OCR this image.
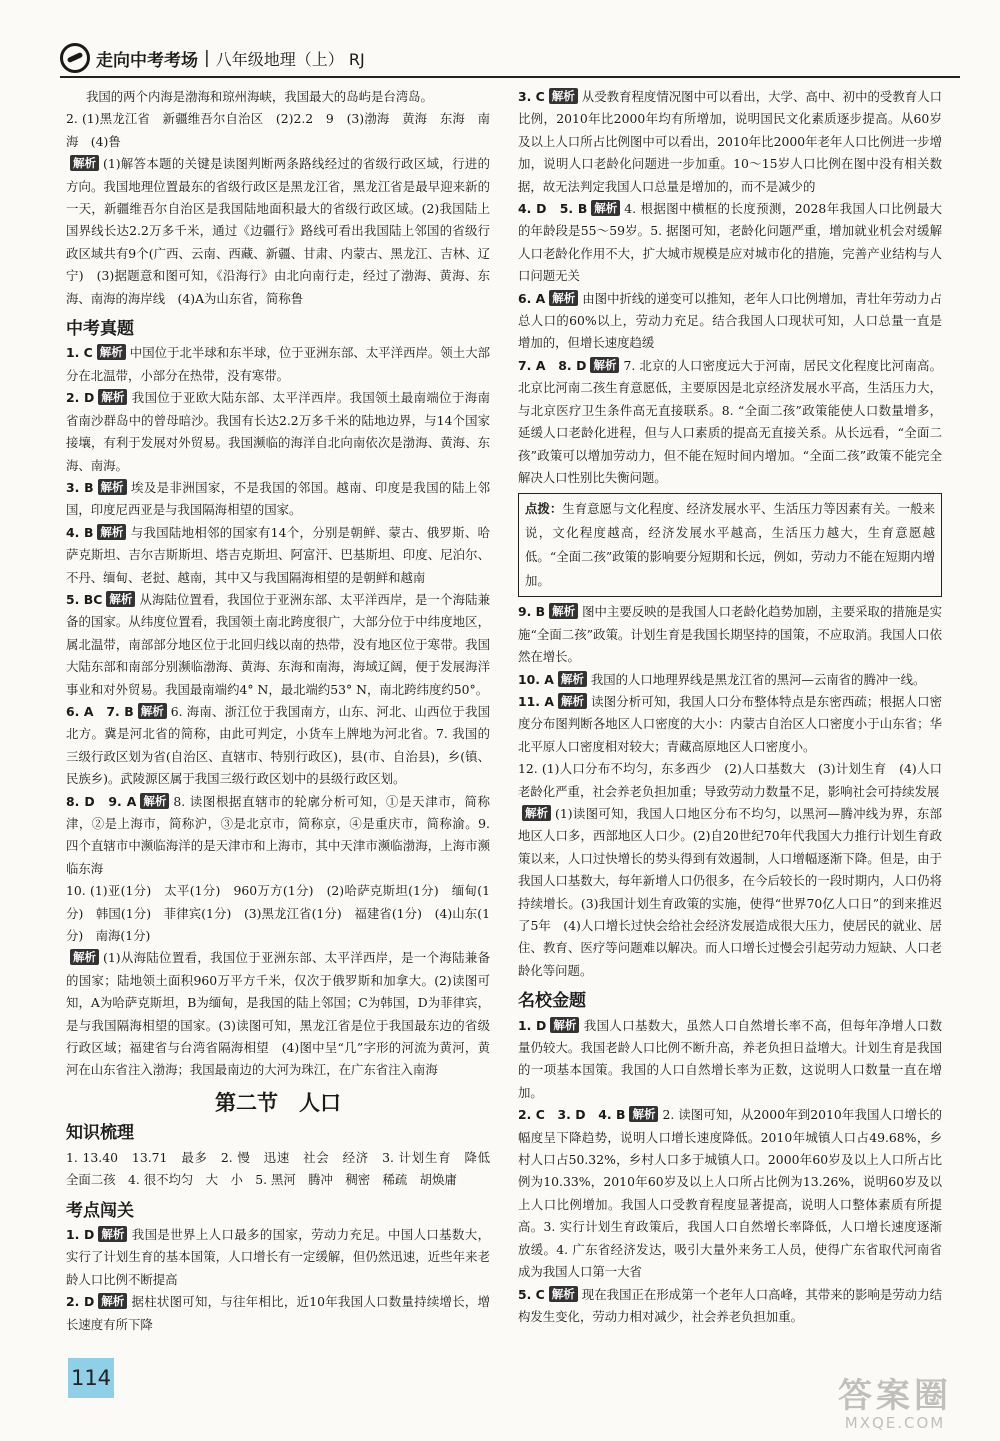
走向中考考场 | 八年级地理（上） RJ

我国的两个内海是渤海和琼州海峡，我国最大的岛屿是台湾岛。

2. (1)黑龙江省　新疆维吾尔自治区　(2)2.2　9　(3)渤海　黄海　东海　南海　(4)鲁

解析 (1)解答本题的关键是读图判断两条路线经过的省级行政区域，行进的方向。我国地理位置最东的省级行政区是黑龙江省，黑龙江省是最早迎来新的一天，新疆维吾尔自治区是我国陆地面积最大的省级行政区域。(2)我国陆上国界线长达2.2万多千米，通过《边疆行》路线可看出我国陆上邻国的省级行政区域共有9个(广西、云南、西藏、新疆、甘肃、内蒙古、黑龙江、吉林、辽宁)　(3)据题意和图可知，《沿海行》由北向南行走，经过了渤海、黄海、东海、南海的海岸线　(4)A为山东省，简称鲁

中考真题

1. C 解析 中国位于北半球和东半球，位于亚洲东部、太平洋西岸。领土大部分在北温带，小部分在热带，没有寒带。

2. D 解析 我国位于亚欧大陆东部、太平洋西岸。我国领土最南端位于海南省南沙群岛中的曾母暗沙。我国有长达2.2万多千米的陆地边界，与14个国家接壤，有利于发展对外贸易。我国濒临的海洋自北向南依次是渤海、黄海、东海、南海。

3. B 解析 埃及是非洲国家，不是我国的邻国。越南、印度是我国的陆上邻国，印度尼西亚是与我国隔海相望的国家。

4. B 解析 与我国陆地相邻的国家有14个，分别是朝鲜、蒙古、俄罗斯、哈萨克斯坦、吉尔吉斯斯坦、塔吉克斯坦、阿富汗、巴基斯坦、印度、尼泊尔、不丹、缅甸、老挝、越南，其中又与我国隔海相望的是朝鲜和越南

5. BC 解析 从海陆位置看，我国位于亚洲东部、太平洋西岸，是一个海陆兼备的国家。从纬度位置看，我国领土南北跨度很广，大部分位于中纬度地区，属北温带，南部部分地区位于北回归线以南的热带，没有地区位于寒带。我国大陆东部和南部分别濒临渤海、黄海、东海和南海，海域辽阔，便于发展海洋事业和对外贸易。我国最南端约4° N，最北端约53° N，南北跨纬度约50°。

6. A　7. B 解析 6. 海南、浙江位于我国南方，山东、河北、山西位于我国北方。冀是河北省的简称，由此可判定，小货车上牌地为河北省。7. 我国的三级行政区划为省(自治区、直辖市、特别行政区)，县(市、自治县)，乡(镇、民族乡)。武陵源区属于我国三级行政区划中的县级行政区划。

8. D　9. A 解析 8. 读图根据直辖市的轮廓分析可知，①是天津市，简称津，②是上海市，简称沪，③是北京市，简称京，④是重庆市，简称渝。9. 四个直辖市中濒临海洋的是天津市和上海市，其中天津市濒临渤海，上海市濒临东海

10. (1)亚(1分)　太平(1分)　960万方(1分)　(2)哈萨克斯坦(1分)　缅甸(1分)　韩国(1分)　菲律宾(1分)　(3)黑龙江省(1分)　福建省(1分)　(4)山东(1分)　南海(1分)

解析 (1)从海陆位置看，我国位于亚洲东部、太平洋西岸，是一个海陆兼备的国家；陆地领土面积960万平方千米，仅次于俄罗斯和加拿大。(2)读图可知，A为哈萨克斯坦，B为缅甸，是我国的陆上邻国；C为韩国，D为菲律宾，是与我国隔海相望的国家。(3)读图可知，黑龙江省是位于我国最东边的省级行政区域；福建省与台湾省隔海相望　(4)图中呈“几”字形的河流为黄河，黄河在山东省注入渤海；我国最南边的大河为珠江，在广东省注入南海

第二节　人口
知识梳理

1. 13.40　13.71　最多　2. 慢　迅速　社会　经济　3. 计划生育　降低　全面二孩　4. 很不均匀　大　小　5. 黑河　腾冲　稠密　稀疏　胡焕庸

考点闯关

1. D 解析 我国是世界上人口最多的国家，劳动力充足。中国人口基数大，实行了计划生育的基本国策，人口增长有一定缓解，但仍然迅速，近些年来老龄人口比例不断提高

2. D 解析 据柱状图可知，与往年相比，近10年我国人口数量持续增长，增长速度有所下降

3. C 解析 从受教育程度情况图中可以看出，大学、高中、初中的受教育人口比例，2010年比2000年均有所增加，说明国民文化素质逐步提高。从60岁及以上人口所占比例图中可以看出，2010年比2000年老年人口比例进一步增加，说明人口老龄化问题进一步加重。10～15岁人口比例在图中没有相关数据，故无法判定我国人口总量是增加的，而不是减少的

4. D　5. B 解析 4. 根据图中横框的长度预测，2028年我国人口比例最大的年龄段是55～59岁。5. 据图可知，老龄化问题严重，增加就业机会对缓解人口老龄化作用不大，扩大城市规模是应对城市化的措施，完善产业结构与人口问题无关

6. A 解析 由图中折线的递变可以推知，老年人口比例增加，青壮年劳动力占总人口的60%以上，劳动力充足。结合我国人口现状可知，人口总量一直是增加的，但增长速度趋缓

7. A　8. D 解析 7. 北京的人口密度远大于河南，居民文化程度比河南高。北京比河南二孩生育意愿低，主要原因是北京经济发展水平高，生活压力大，与北京医疗卫生条件高无直接联系。8. “全面二孩”政策能使人口数量增多，延缓人口老龄化进程，但与人口素质的提高无直接关系。从长远看，“全面二孩”政策可以增加劳动力，但不能在短时间内增加。“全面二孩”政策不能完全解决人口性别比失衡问题。

点拨：生育意愿与文化程度、经济发展水平、生活压力等因素有关。一般来说，文化程度越高，经济发展水平越高，生活压力越大，生育意愿越低。“全面二孩”政策的影响要分短期和长远，例如，劳动力不能在短期内增加。

9. B 解析 图中主要反映的是我国人口老龄化趋势加剧，主要采取的措施是实施“全面二孩”政策。计划生育是我国长期坚持的国策，不应取消。我国人口依然在增长。

10. A 解析 我国的人口地理界线是黑龙江省的黑河—云南省的腾冲一线。

11. A 解析 读图分析可知，我国人口分布整体特点是东密西疏；根据人口密度分布图判断各地区人口密度的大小：内蒙古自治区人口密度小于山东省；华北平原人口密度相对较大；青藏高原地区人口密度小。

12. (1)人口分布不均匀，东多西少　(2)人口基数大　(3)计划生育　(4)人口老龄化严重，社会养老负担加重；导致劳动力数量不足，影响社会可持续发展

解析 (1)读图可知，我国人口地区分布不均匀，以黑河—腾冲线为界，东部地区人口多，西部地区人口少。(2)自20世纪70年代我国大力推行计划生育政策以来，人口过快增长的势头得到有效遏制，人口增幅逐渐下降。但是，由于我国人口基数大，每年新增人口仍很多，在今后较长的一段时期内，人口仍将持续增长。(3)我国计划生育政策的实施，使得“世界70亿人口日”的到来推迟了5年　(4)人口增长过快会给社会经济发展造成很大压力，使居民的就业、居住、教育、医疗等问题难以解决。而人口增长过慢会引起劳动力短缺、人口老龄化等问题。

名校金题

1. D 解析 我国人口基数大，虽然人口自然增长率不高，但每年净增人口数量仍较大。我国老龄人口比例不断升高，养老负担日益增大。计划生育是我国的一项基本国策。我国的人口自然增长率为正数，这说明人口数量一直在增加。

2. C　3. D　4. B 解析 2. 读图可知，从2000年到2010年我国人口增长的幅度呈下降趋势，说明人口增长速度降低。2010年城镇人口占49.68%，乡村人口占50.32%，乡村人口多于城镇人口。2000年60岁及以上人口所占比例为10.33%，2010年60岁及以上人口所占比例为13.26%，说明60岁及以上人口比例增加。我国人口受教育程度显著提高，说明人口整体素质有所提高。3. 实行计划生育政策后，我国人口自然增长率降低，人口增长速度逐渐放缓。4. 广东省经济发达，吸引大量外来务工人员，使得广东省取代河南省成为我国人口第一大省

5. C 解析 现在我国正在形成第一个老年人口高峰，其带来的影响是劳动力结构发生变化，劳动力相对减少，社会养老负担加重。

114	答案圈
MXQE.COM
